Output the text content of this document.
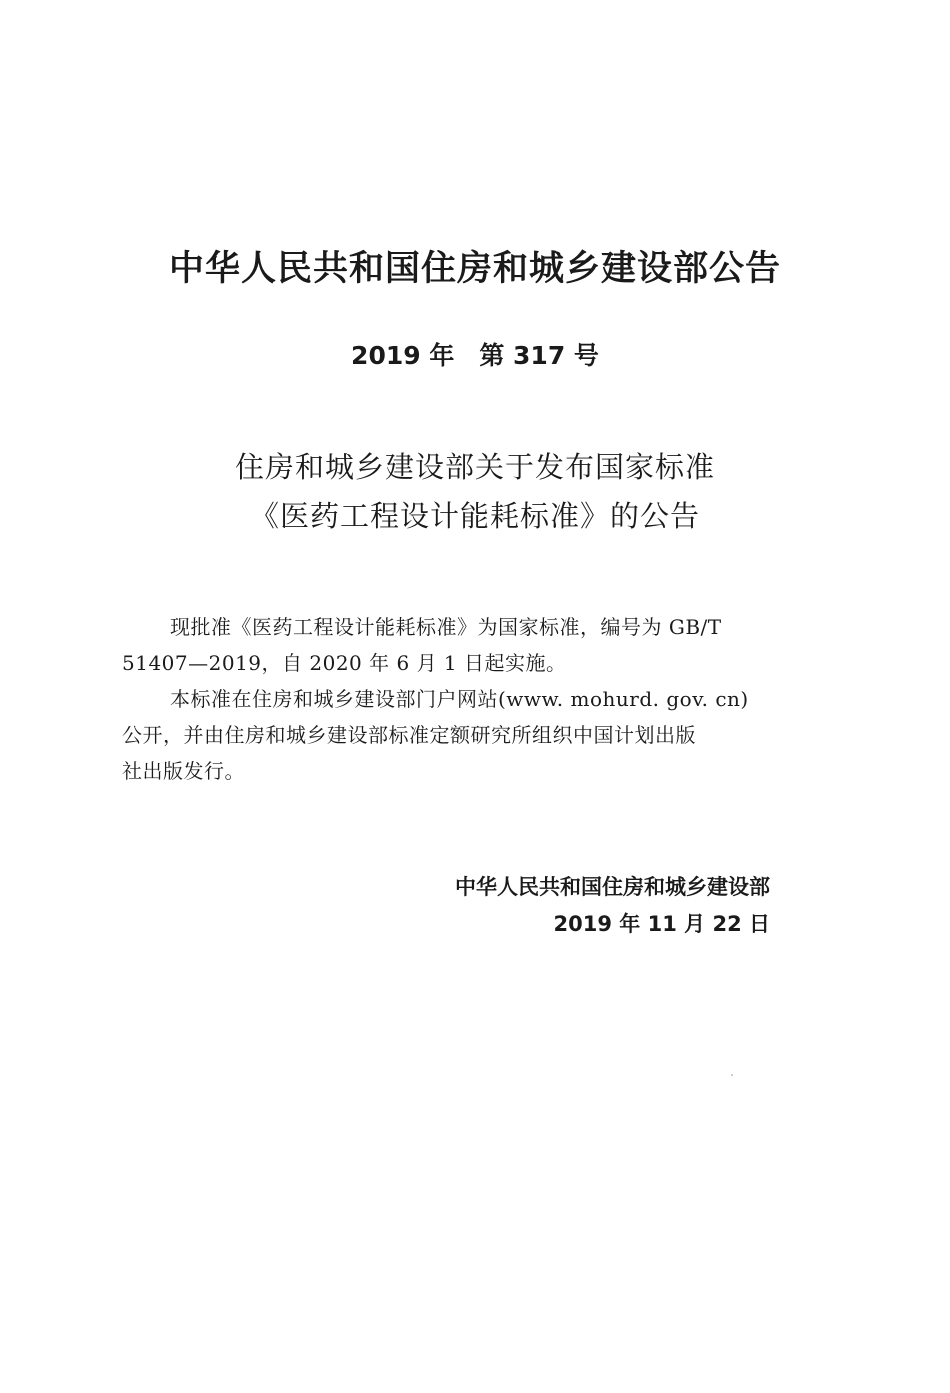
中华人民共和国住房和城乡建设部公告
2019 年　第 317 号
住房和城乡建设部关于发布国家标准
《医药工程设计能耗标准》的公告
现批准《医药工程设计能耗标准》为国家标准，编号为 GB/T
51407—2019，自 2020 年 6 月 1 日起实施。
本标准在住房和城乡建设部门户网站(www. mohurd. gov. cn)
公开，并由住房和城乡建设部标准定额研究所组织中国计划出版
社出版发行。
中华人民共和国住房和城乡建设部
2019 年 11 月 22 日
